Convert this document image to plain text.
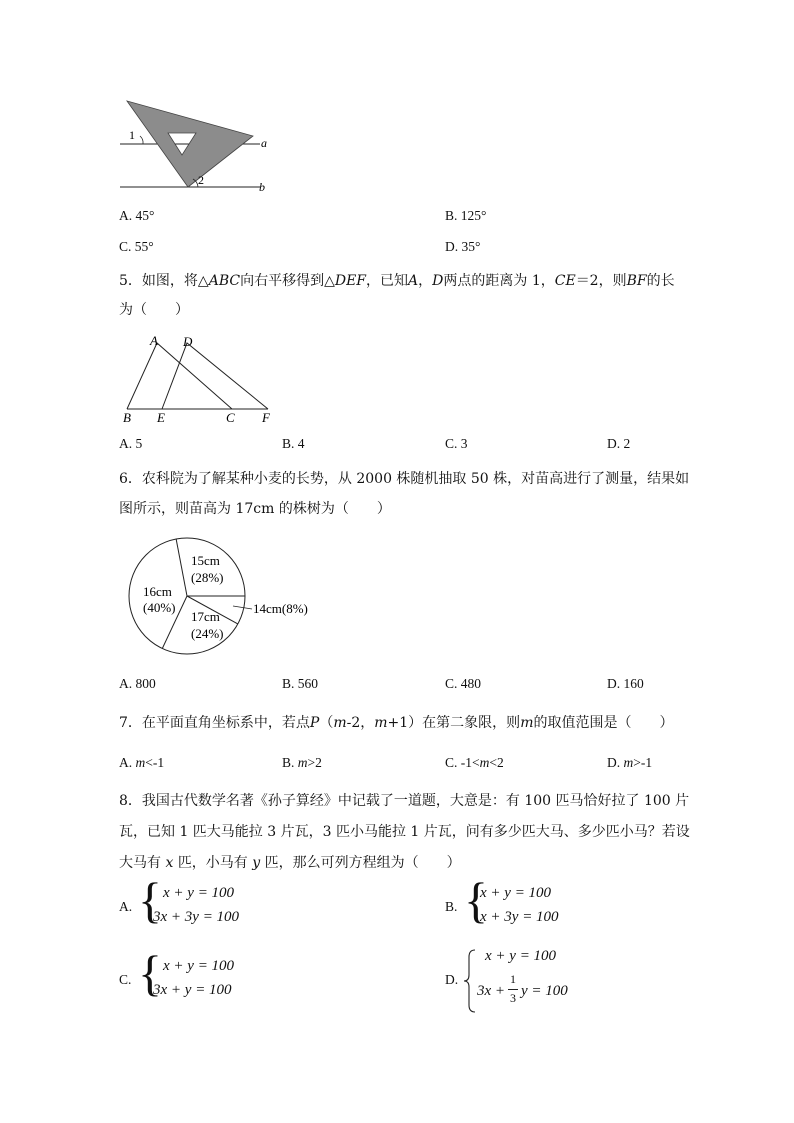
1
2
a
b
A. 45°	B. 125°
C. 55°	D. 35°
5．如图，将△ABC向右平移得到△DEF，已知A，D两点的距离为 1，CE＝2，则BF的长
为（　　）
A D
B E	C F
A. 5	B. 4	C. 3	D. 2
6．农科院为了解某种小麦的长势，从 2000 株随机抽取 50 株，对苗高进行了测量，结果如
图所示，则苗高为 17cm 的株树为（　　）
15cm
(28%)
16cm
(40%)
17cm
(24%)
14cm(8%)
A. 800	B. 560	C. 480	D. 160
7．在平面直角坐标系中，若点P（m-2，m+1）在第二象限，则m的取值范围是（　　）
A. m<-1	B. m>2	C. -1<m<2	D. m>-1
8．我国古代数学名著《孙子算经》中记载了一道题，大意是：有 100 匹马恰好拉了 100 片
瓦，已知 1 匹大马能拉 3 片瓦，3 匹小马能拉 1 片瓦，问有多少匹大马、多少匹小马？若设
大马有 x 匹，小马有 y 匹，那么可列方程组为（　　）
A. { x + y = 100
3x + 3y = 100
B. {
x + y = 100
x + 3y = 100
C. { x + y = 100
3x + y = 100
D.
x + y = 100
3x +
1
3 y = 100
